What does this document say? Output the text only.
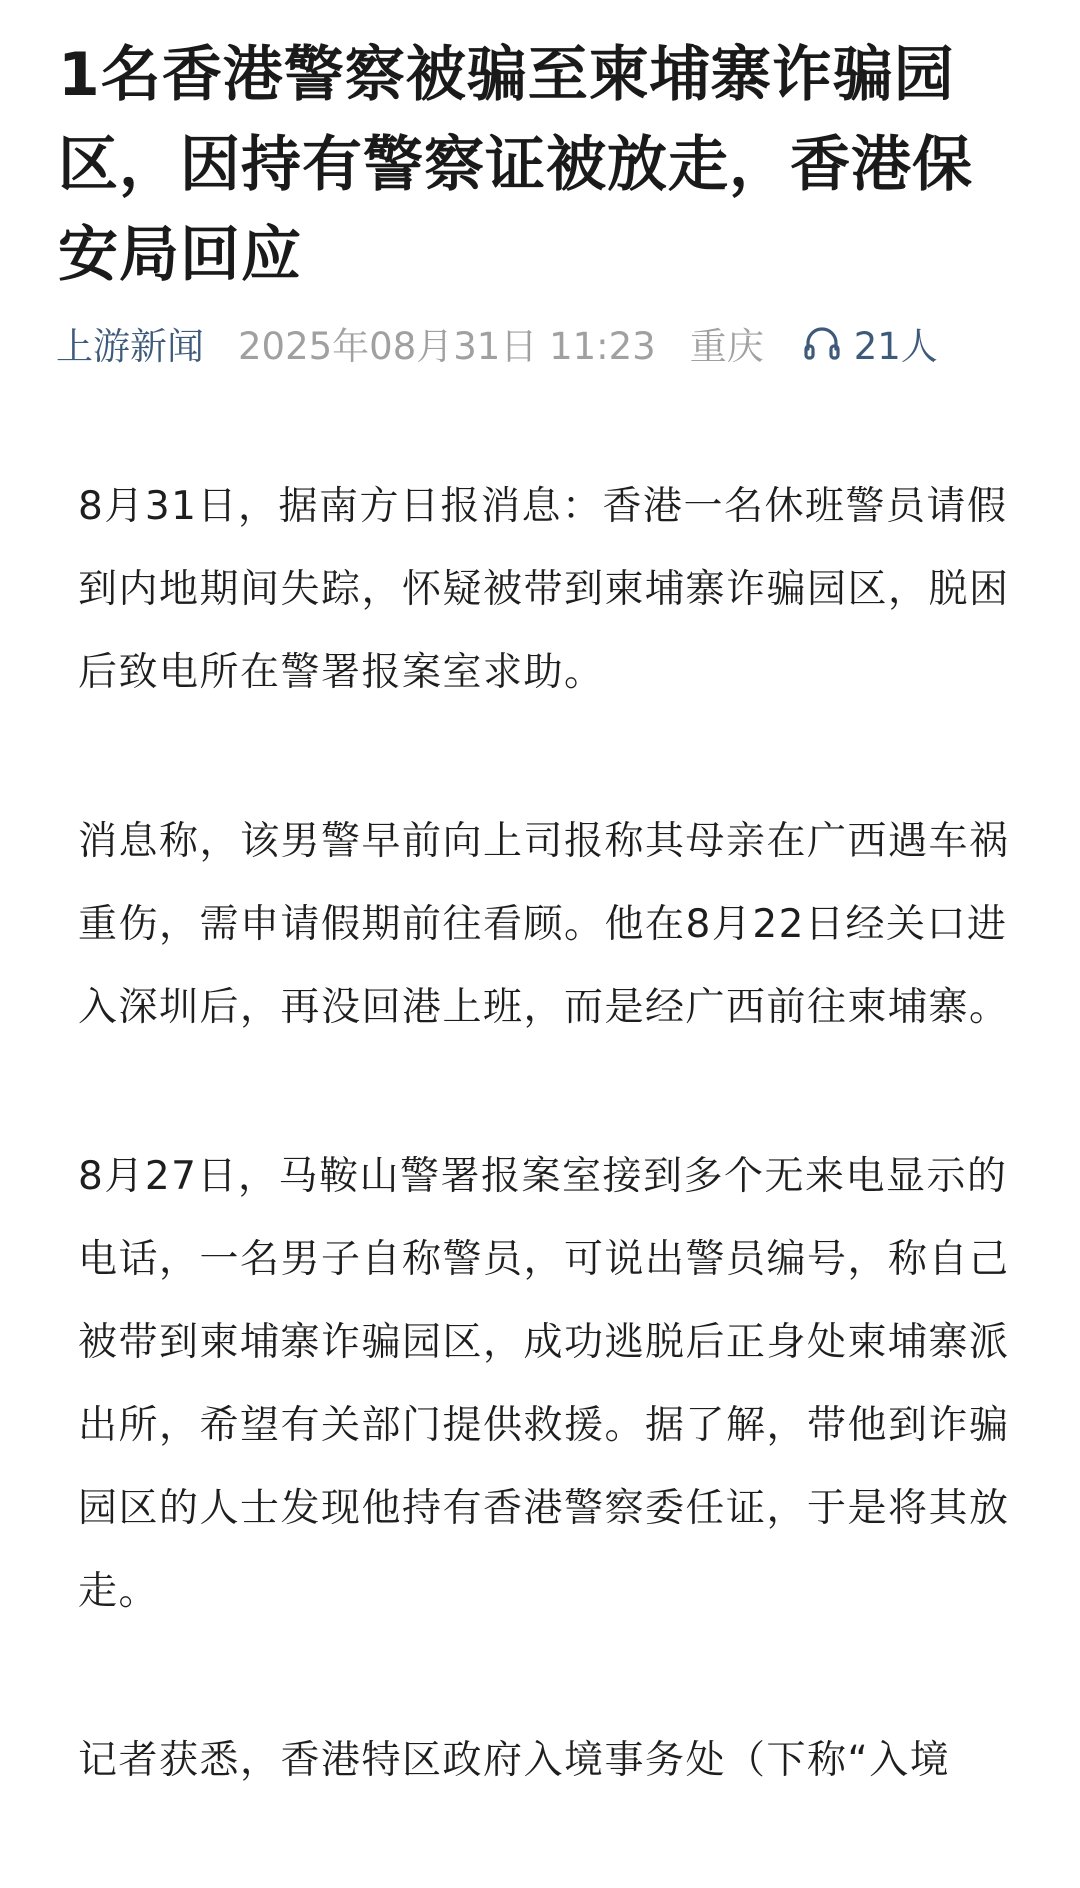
1名香港警察被骗至柬埔寨诈骗园区，因持有警察证被放走，香港保安局回应
上游新闻 2025年08月31日 11:23 重庆 21人

8月31日，据南方日报消息：香港一名休班警员请假到内地期间失踪，怀疑被带到柬埔寨诈骗园区，脱困后致电所在警署报案室求助。

消息称，该男警早前向上司报称其母亲在广西遇车祸重伤，需申请假期前往看顾。他在8月22日经关口进入深圳后，再没回港上班，而是经广西前往柬埔寨。

8月27日，马鞍山警署报案室接到多个无来电显示的电话，一名男子自称警员，可说出警员编号，称自己被带到柬埔寨诈骗园区，成功逃脱后正身处柬埔寨派出所，希望有关部门提供救援。据了解，带他到诈骗园区的人士发现他持有香港警察委任证，于是将其放走。

记者获悉，香港特区政府入境事务处（下称“入境
